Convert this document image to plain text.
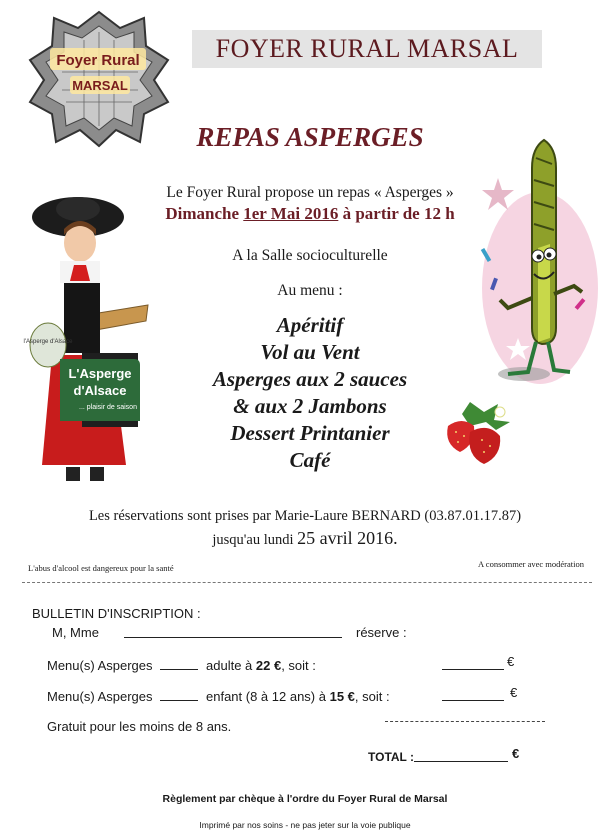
Foyer Rural
MARSAL
FOYER RURAL MARSAL
REPAS ASPERGES
Le Foyer Rural propose un repas « Asperges »
Dimanche 1er Mai 2016 à partir de 12 h
A la Salle socioculturelle
Au menu :
Apéritif
Vol au Vent
Asperges aux 2 sauces
& aux 2 Jambons
Dessert Printanier
Café
l'Asperge d'Alsace
L'Asperge
d'Alsace
... plaisir de saison
Les réservations sont prises par Marie-Laure BERNARD (03.87.01.17.87)
jusqu'au lundi 25 avril 2016.
L'abus d'alcool est dangereux pour la santé	A consommer avec modération
BULLETIN D'INSCRIPTION :
M, Mme	réserve :
Menu(s) Asperges	adulte à 22 €, soit :	€
Menu(s) Asperges	enfant (8 à 12 ans) à 15 €, soit :	€
Gratuit pour les moins de 8 ans.
TOTAL :	€
Règlement par chèque à l'ordre du Foyer Rural de Marsal
Imprimé par nos soins - ne pas jeter sur la voie publique
